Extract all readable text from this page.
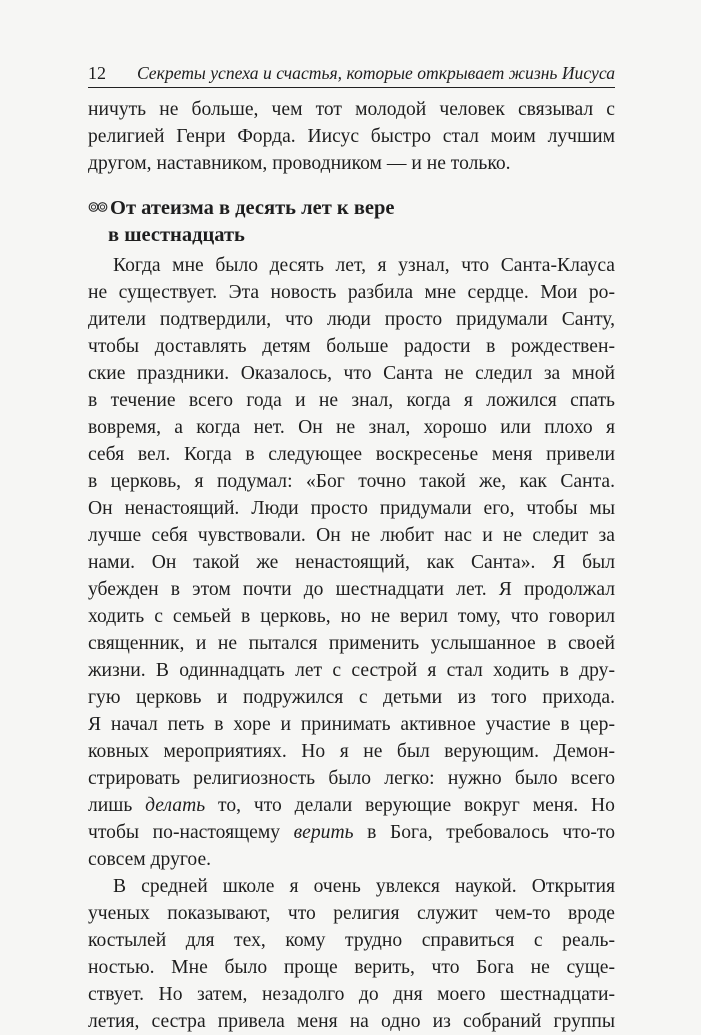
12 Секреты успеха и счастья, которые открывает жизнь Иисуса
ничуть не больше, чем тот молодой человек связывал с
религией Генри Форда. Иисус быстро стал моим лучшим
другом, наставником, проводником — и не только.
От атеизма в десять лет к вере
в шестнадцать
Когда мне было десять лет, я узнал, что Санта-Клауса
не существует. Эта новость разбила мне сердце. Мои ро-
дители подтвердили, что люди просто придумали Санту,
чтобы доставлять детям больше радости в рождествен-
ские праздники. Оказалось, что Санта не следил за мной
в течение всего года и не знал, когда я ложился спать
вовремя, а когда нет. Он не знал, хорошо или плохо я
себя вел. Когда в следующее воскресенье меня привели
в церковь, я подумал: «Бог точно такой же, как Санта.
Он ненастоящий. Люди просто придумали его, чтобы мы
лучше себя чувствовали. Он не любит нас и не следит за
нами. Он такой же ненастоящий, как Санта». Я был
убежден в этом почти до шестнадцати лет. Я продолжал
ходить с семьей в церковь, но не верил тому, что говорил
священник, и не пытался применить услышанное в своей
жизни. В одиннадцать лет с сестрой я стал ходить в дру-
гую церковь и подружился с детьми из того прихода.
Я начал петь в хоре и принимать активное участие в цер-
ковных мероприятиях. Но я не был верующим. Демон-
стрировать религиозность было легко: нужно было всего
лишь делать то, что делали верующие вокруг меня. Но
чтобы по-настоящему верить в Бога, требовалось что-то
совсем другое.
В средней школе я очень увлекся наукой. Открытия
ученых показывают, что религия служит чем-то вроде
костылей для тех, кому трудно справиться с реаль-
ностью. Мне было проще верить, что Бога не суще-
ствует. Но затем, незадолго до дня моего шестнадцати-
летия, сестра привела меня на одно из собраний группы
